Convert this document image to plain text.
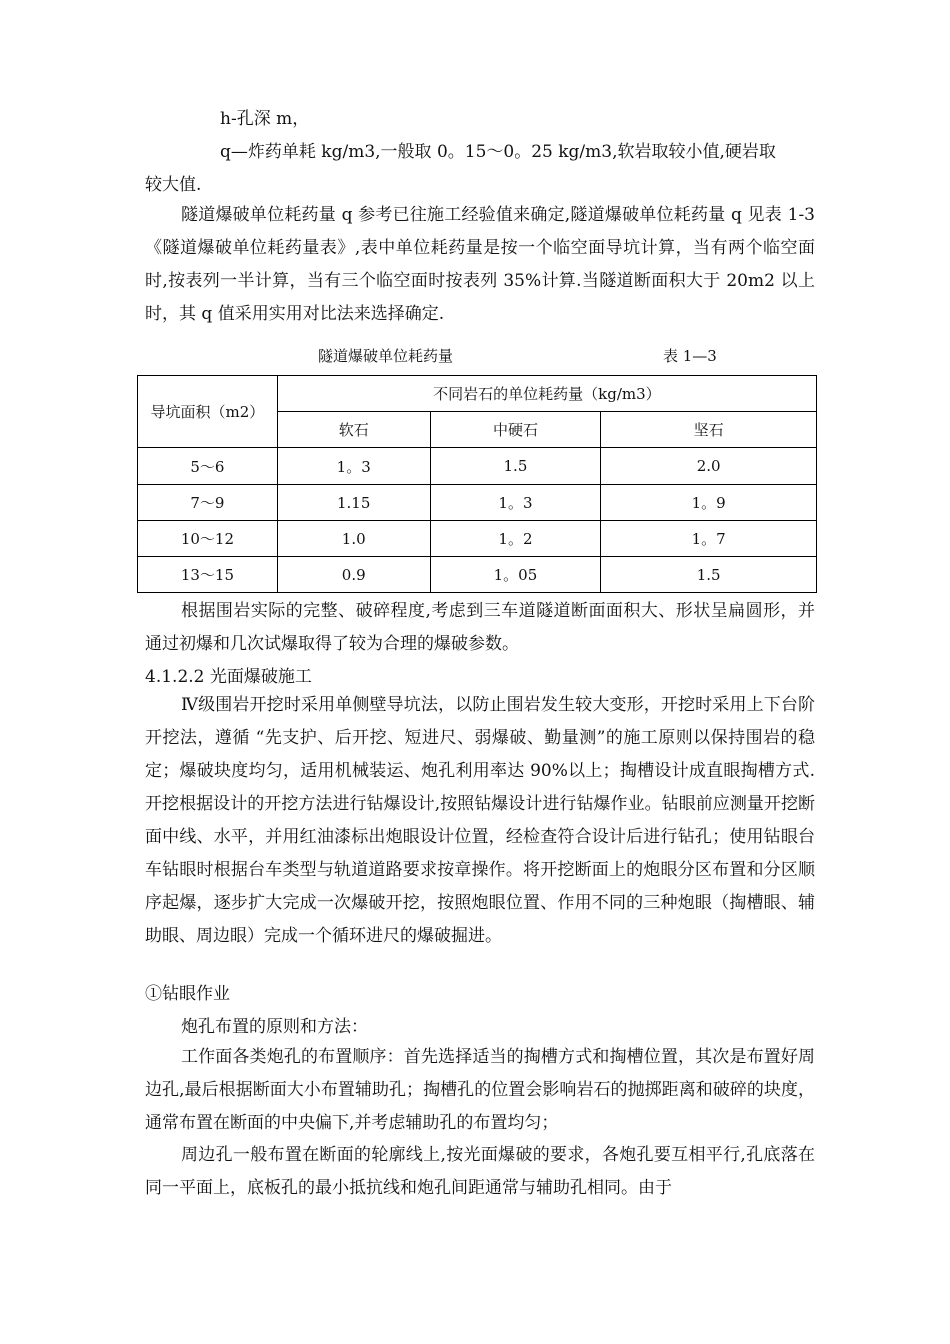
h-孔深 m，

q—炸药单耗 kg/m3,一般取 0。15～0。25 kg/m3,软岩取较小值,硬岩取

较大值.

隧道爆破单位耗药量 q 参考已往施工经验值来确定,隧道爆破单位耗药量 q 见表 1-3《隧道爆破单位耗药量表》,表中单位耗药量是按一个临空面导坑计算，当有两个临空面时,按表列一半计算，当有三个临空面时按表列 35%计算.当隧道断面积大于 20m2 以上时，其 q 值采用实用对比法来选择确定.

隧道爆破单位耗药量	表 1—3
导坑面积（m2）	不同岩石的单位耗药量（kg/m3）		
	软石	中硬石	坚石
5～6	1。3	1.5	2.0
7～9	1.15	1。3	1。9
10～12	1.0	1。2	1。7
13～15	0.9	1。05	1.5

根据围岩实际的完整、破碎程度,考虑到三车道隧道断面面积大、形状呈扁圆形，并通过初爆和几次试爆取得了较为合理的爆破参数。

4.1.2.2 光面爆破施工

Ⅳ级围岩开挖时采用单侧壁导坑法，以防止围岩发生较大变形，开挖时采用上下台阶开挖法，遵循 “先支护、后开挖、短进尺、弱爆破、勤量测”的施工原则以保持围岩的稳定；爆破块度均匀，适用机械装运、炮孔利用率达 90%以上；掏槽设计成直眼掏槽方式.开挖根据设计的开挖方法进行钻爆设计,按照钻爆设计进行钻爆作业。钻眼前应测量开挖断面中线、水平，并用红油漆标出炮眼设计位置，经检查符合设计后进行钻孔；使用钻眼台车钻眼时根据台车类型与轨道道路要求按章操作。将开挖断面上的炮眼分区布置和分区顺序起爆，逐步扩大完成一次爆破开挖，按照炮眼位置、作用不同的三种炮眼（掏槽眼、辅助眼、周边眼）完成一个循环进尺的爆破掘进。

①钻眼作业

炮孔布置的原则和方法：

工作面各类炮孔的布置顺序：首先选择适当的掏槽方式和掏槽位置，其次是布置好周边孔,最后根据断面大小布置辅助孔；掏槽孔的位置会影响岩石的抛掷距离和破碎的块度，通常布置在断面的中央偏下,并考虑辅助孔的布置均匀；

周边孔一般布置在断面的轮廓线上,按光面爆破的要求，各炮孔要互相平行,孔底落在同一平面上，底板孔的最小抵抗线和炮孔间距通常与辅助孔相同。由于
